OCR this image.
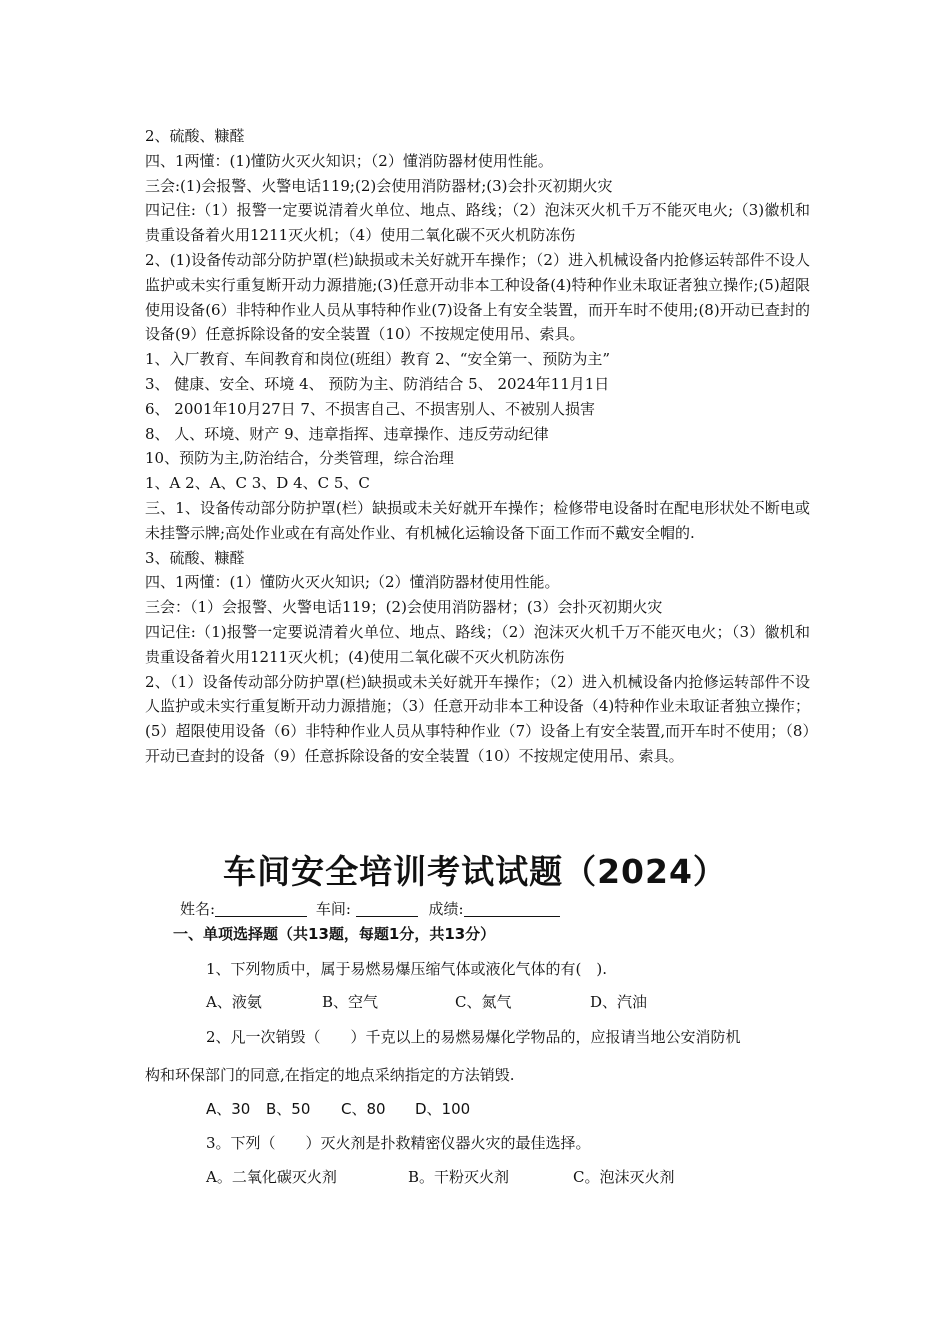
2、硫酸、糠醛

四、1两懂：(1)懂防火灭火知识；（2）懂消防器材使用性能。

三会:(1)会报警、火警电话119;(2)会使用消防器材;(3)会扑灭初期火灾

四记住:（1）报警一定要说清着火单位、地点、路线；（2）泡沫灭火机千万不能灭电火;（3)徽机和贵重设备着火用1211灭火机；（4）使用二氧化碳不灭火机防冻伤

2、(1)设备传动部分防护罩(栏)缺损或未关好就开车操作；（2）进入机械设备内抢修运转部件不设人监护或未实行重复断开动力源措施;(3)任意开动非本工种设备(4)特种作业未取证者独立操作;(5)超限使用设备(6）非特种作业人员从事特种作业(7)设备上有安全装置，而开车时不使用;(8)开动已查封的设备(9）任意拆除设备的安全装置（10）不按规定使用吊、索具。

1、入厂教育、车间教育和岗位(班组）教育 2、“安全第一、预防为主”

3、 健康、安全、环境 4、 预防为主、防消结合 5、 2024年11月1日

6、 2001年10月27日 7、不损害自己、不损害别人、不被别人损害

8、 人、环境、财产 9、违章指挥、违章操作、违反劳动纪律

10、预防为主,防治结合，分类管理，综合治理

1、A 2、A、C 3、D 4、C 5、C

三、1、设备传动部分防护罩(栏）缺损或未关好就开车操作；检修带电设备时在配电形状处不断电或未挂警示牌;高处作业或在有高处作业、有机械化运输设备下面工作而不戴安全帽的.

3、硫酸、糠醛

四、1两懂：(1）懂防火灭火知识;（2）懂消防器材使用性能。

三会：（1）会报警、火警电话119；(2)会使用消防器材；(3）会扑灭初期火灾

四记住:（1)报警一定要说清着火单位、地点、路线；（2）泡沫灭火机千万不能灭电火；（3）徽机和贵重设备着火用1211灭火机；(4)使用二氧化碳不灭火机防冻伤

2、（1）设备传动部分防护罩(栏)缺损或未关好就开车操作；（2）进入机械设备内抢修运转部件不设人监护或未实行重复断开动力源措施；（3）任意开动非本工种设备（4)特种作业未取证者独立操作；(5）超限使用设备（6）非特种作业人员从事特种作业（7）设备上有安全装置,而开车时不使用；（8）开动已查封的设备（9）任意拆除设备的安全装置（10）不按规定使用吊、索具。

车间安全培训考试试题（2024）
姓名:	车间:	成绩:
一、单项选择题（共13题，每题1分，共13分）
1、下列物质中，属于易燃易爆压缩气体或液化气体的有(　).
A、液氨	B、空气	C、氮气	D、汽油
2、凡一次销毁（　　）千克以上的易燃易爆化学物品的，应报请当地公安消防机
构和环保部门的同意,在指定的地点采纳指定的方法销毁.
A、30 B、50 C、80 D、100
3。下列（　　）灭火剂是扑救精密仪器火灾的最佳选择。
A。二氧化碳灭火剂	B。干粉灭火剂	C。泡沫灭火剂
